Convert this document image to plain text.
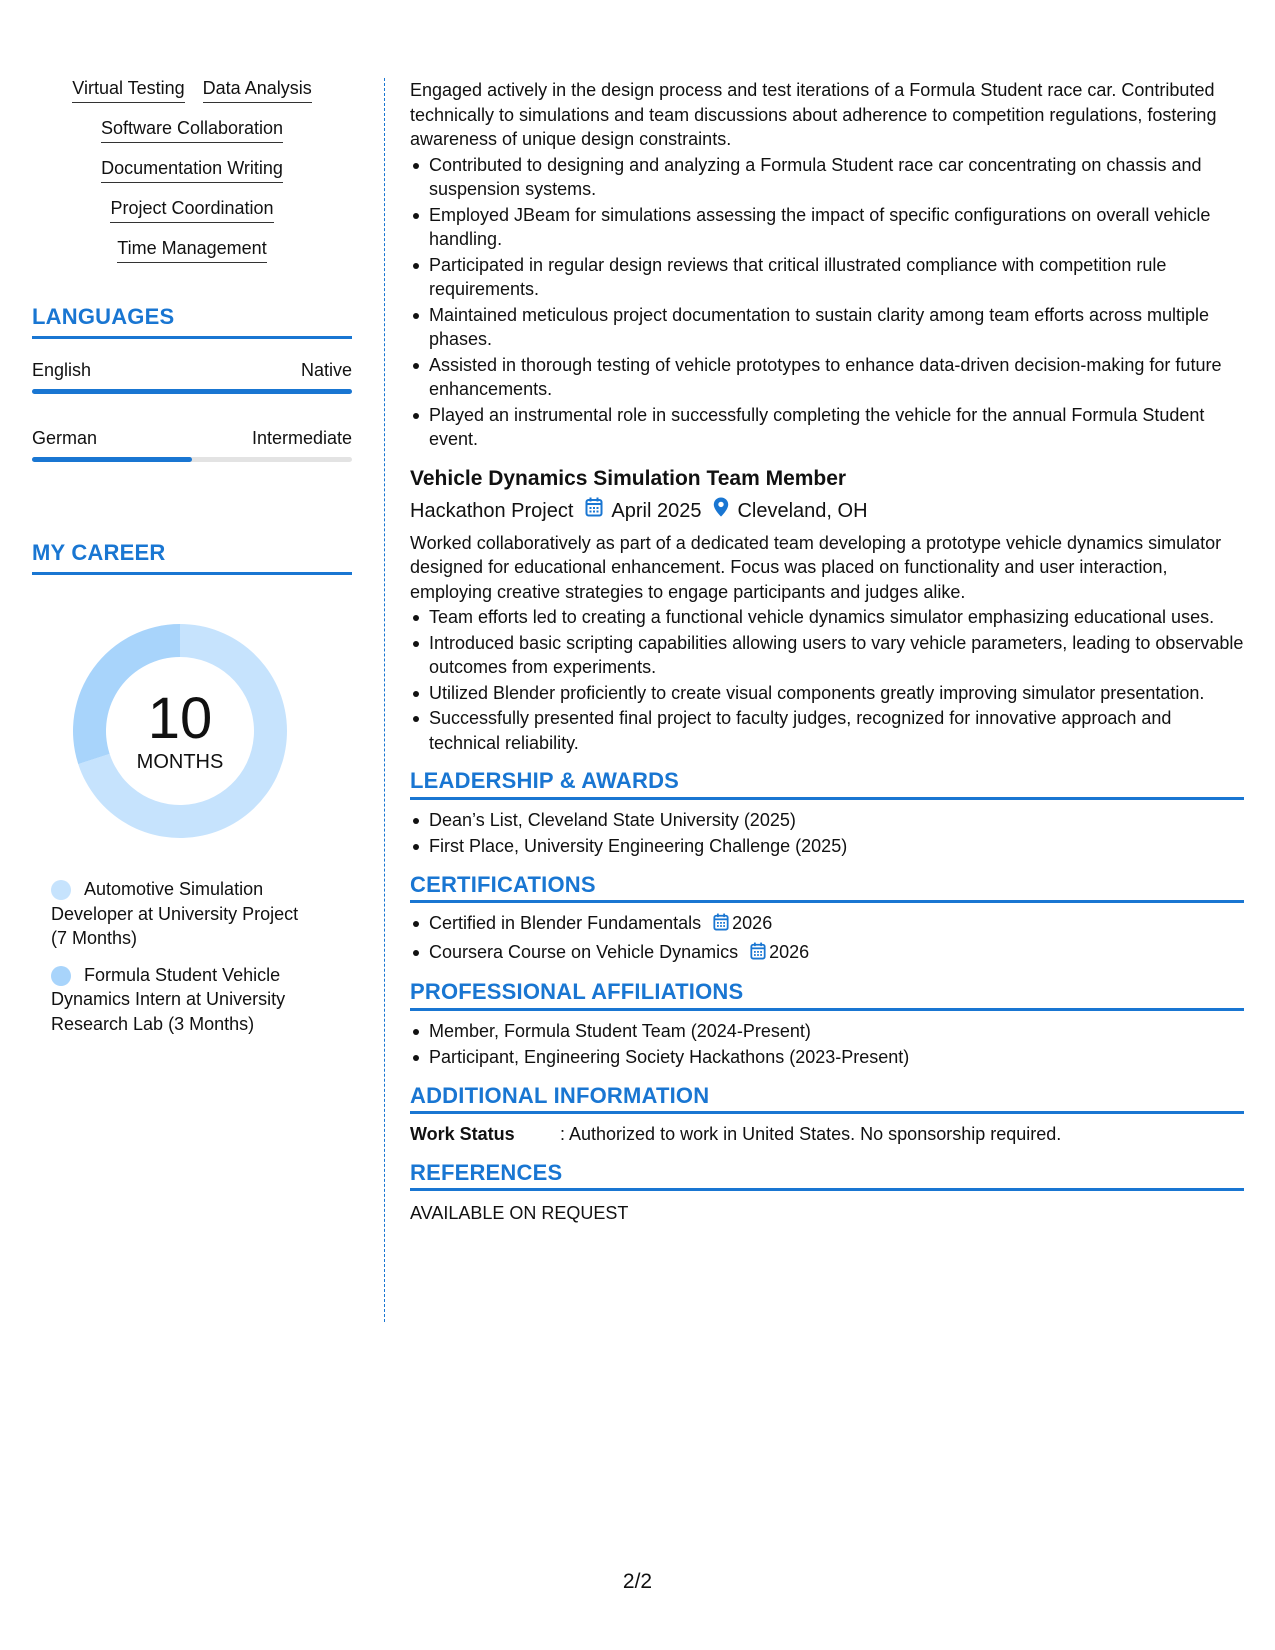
Virtual Testing Data Analysis
Software Collaboration
Documentation Writing
Project Coordination
Time Management
LANGUAGES
English	Native
German	Intermediate
MY CAREER
10
MONTHS
Automotive Simulation Developer at University Project (7 Months)
Formula Student Vehicle Dynamics Intern at University Research Lab (3 Months)

Engaged actively in the design process and test iterations of a Formula Student race car. Contributed technically to simulations and team discussions about adherence to competition regulations, fostering awareness of unique design constraints.

Contributed to designing and analyzing a Formula Student race car concentrating on chassis and suspension systems.
Employed JBeam for simulations assessing the impact of specific configurations on overall vehicle handling.
Participated in regular design reviews that critical illustrated compliance with competition rule requirements.
Maintained meticulous project documentation to sustain clarity among team efforts across multiple phases.
Assisted in thorough testing of vehicle prototypes to enhance data-driven decision-making for future enhancements.
Played an instrumental role in successfully completing the vehicle for the annual Formula Student event.
Vehicle Dynamics Simulation Team Member
Hackathon Project April 2025 Cleveland, OH

Worked collaboratively as part of a dedicated team developing a prototype vehicle dynamics simulator designed for educational enhancement. Focus was placed on functionality and user interaction, employing creative strategies to engage participants and judges alike.

Team efforts led to creating a functional vehicle dynamics simulator emphasizing educational uses.
Introduced basic scripting capabilities allowing users to vary vehicle parameters, leading to observable outcomes from experiments.
Utilized Blender proficiently to create visual components greatly improving simulator presentation.
Successfully presented final project to faculty judges, recognized for innovative approach and technical reliability.
LEADERSHIP & AWARDS
Dean’s List, Cleveland State University (2025)
First Place, University Engineering Challenge (2025)
CERTIFICATIONS
Certified in Blender Fundamentals 2026
Coursera Course on Vehicle Dynamics 2026
PROFESSIONAL AFFILIATIONS
Member, Formula Student Team (2024-Present)
Participant, Engineering Society Hackathons (2023-Present)
ADDITIONAL INFORMATION
Work Status	: Authorized to work in United States. No sponsorship required.
REFERENCES
AVAILABLE ON REQUEST
2/2
